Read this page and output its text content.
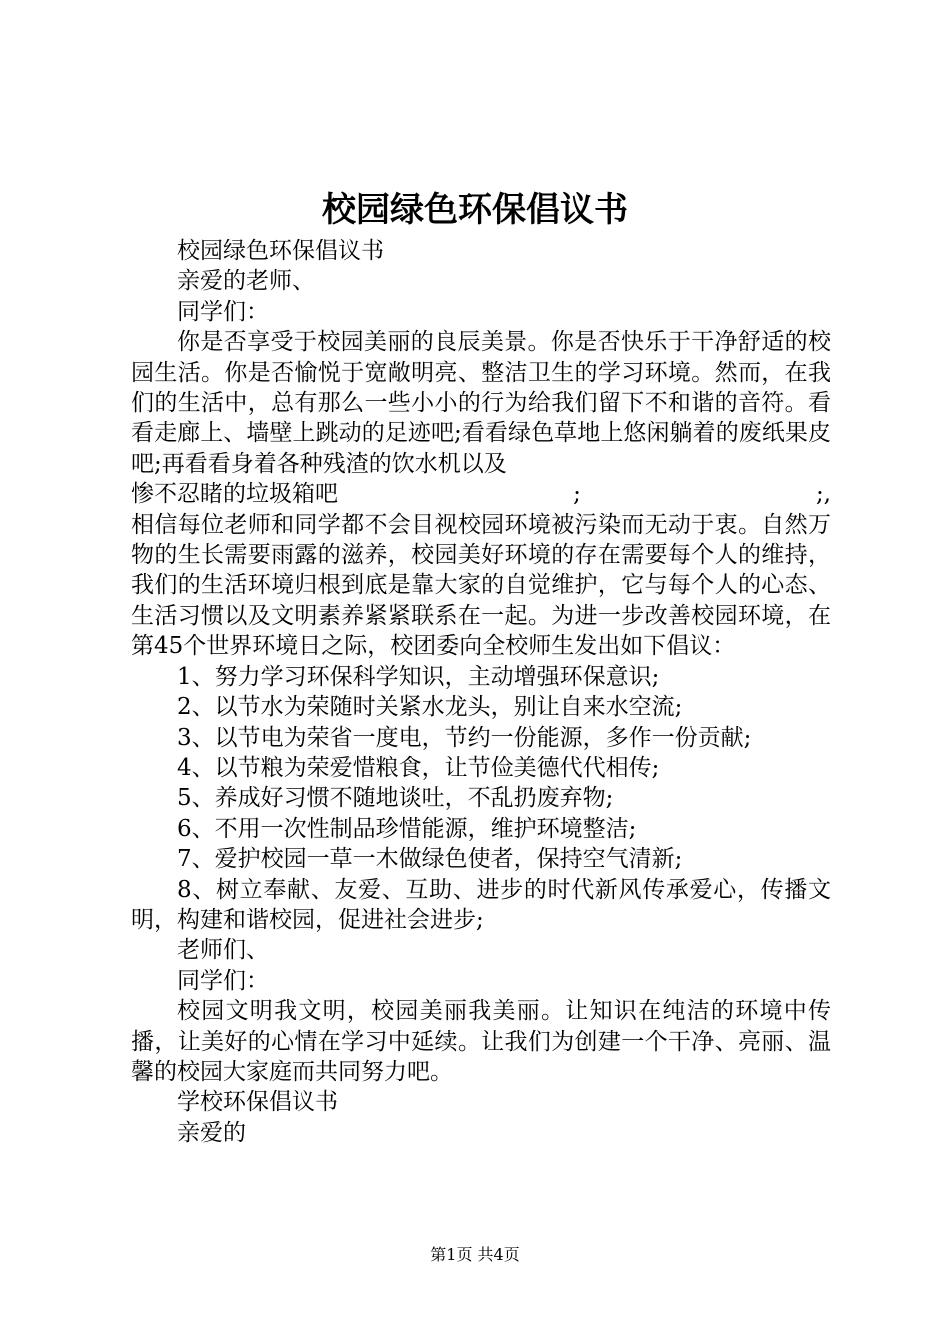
校园绿色环保倡议书

校园绿色环保倡议书

亲爱的老师、

同学们：

你是否享受于校园美丽的良辰美景。你是否快乐于干净舒适的校园生活。你是否愉悦于宽敞明亮、整洁卫生的学习环境。然而，在我们的生活中，总有那么一些小小的行为给我们留下不和谐的音符。看看走廊上、墙壁上跳动的足迹吧;看看绿色草地上悠闲躺着的废纸果皮吧;再看看身着各种残渣的饮水机以及

惨不忍睹的垃圾箱吧	;	;,

相信每位老师和同学都不会目视校园环境被污染而无动于衷。自然万物的生长需要雨露的滋养，校园美好环境的存在需要每个人的维持，我们的生活环境归根到底是靠大家的自觉维护，它与每个人的心态、生活习惯以及文明素养紧紧联系在一起。为进一步改善校园环境，在第45个世界环境日之际，校团委向全校师生发出如下倡议：

1、努力学习环保科学知识，主动增强环保意识;

2、以节水为荣随时关紧水龙头，别让自来水空流;

3、以节电为荣省一度电，节约一份能源，多作一份贡献;

4、以节粮为荣爱惜粮食，让节俭美德代代相传;

5、养成好习惯不随地谈吐，不乱扔废弃物;

6、不用一次性制品珍惜能源，维护环境整洁;

7、爱护校园一草一木做绿色使者，保持空气清新;

8、树立奉献、友爱、互助、进步的时代新风传承爱心，传播文明，构建和谐校园，促进社会进步;

老师们、

同学们：

校园文明我文明，校园美丽我美丽。让知识在纯洁的环境中传播，让美好的心情在学习中延续。让我们为创建一个干净、亮丽、温馨的校园大家庭而共同努力吧。

学校环保倡议书

亲爱的

第1页 共4页
